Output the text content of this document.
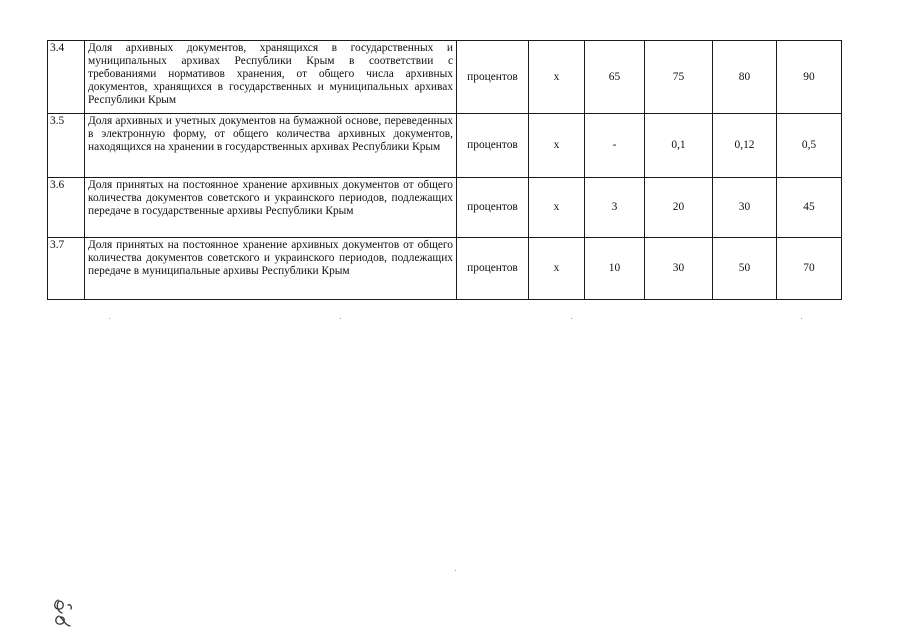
3.4	Доля архивных документов, хранящихся в государственных и муниципальных архивах Республики Крым в соответствии с требованиями нормативов хранения, от общего числа архивных документов, хранящихся в государственных и муниципальных архивах Республики Крым	процентов	x	65	75	80	90
3.5	Доля архивных и учетных документов на бумажной основе, переведенных в электронную форму, от общего количества архивных документов, находящихся на хранении в государственных архивах Республики Крым	процентов	x	-	0,1	0,12	0,5
3.6	Доля принятых на постоянное хранение архивных документов от общего количества документов советского и украинского периодов, подлежащих передаче в государственные архивы Республики Крым	процентов	x	3	20	30	45
3.7	Доля принятых на постоянное хранение архивных документов от общего количества документов советского и украинского периодов, подлежащих передаче в муниципальные архивы Республики Крым	процентов	x	10	30	50	70
